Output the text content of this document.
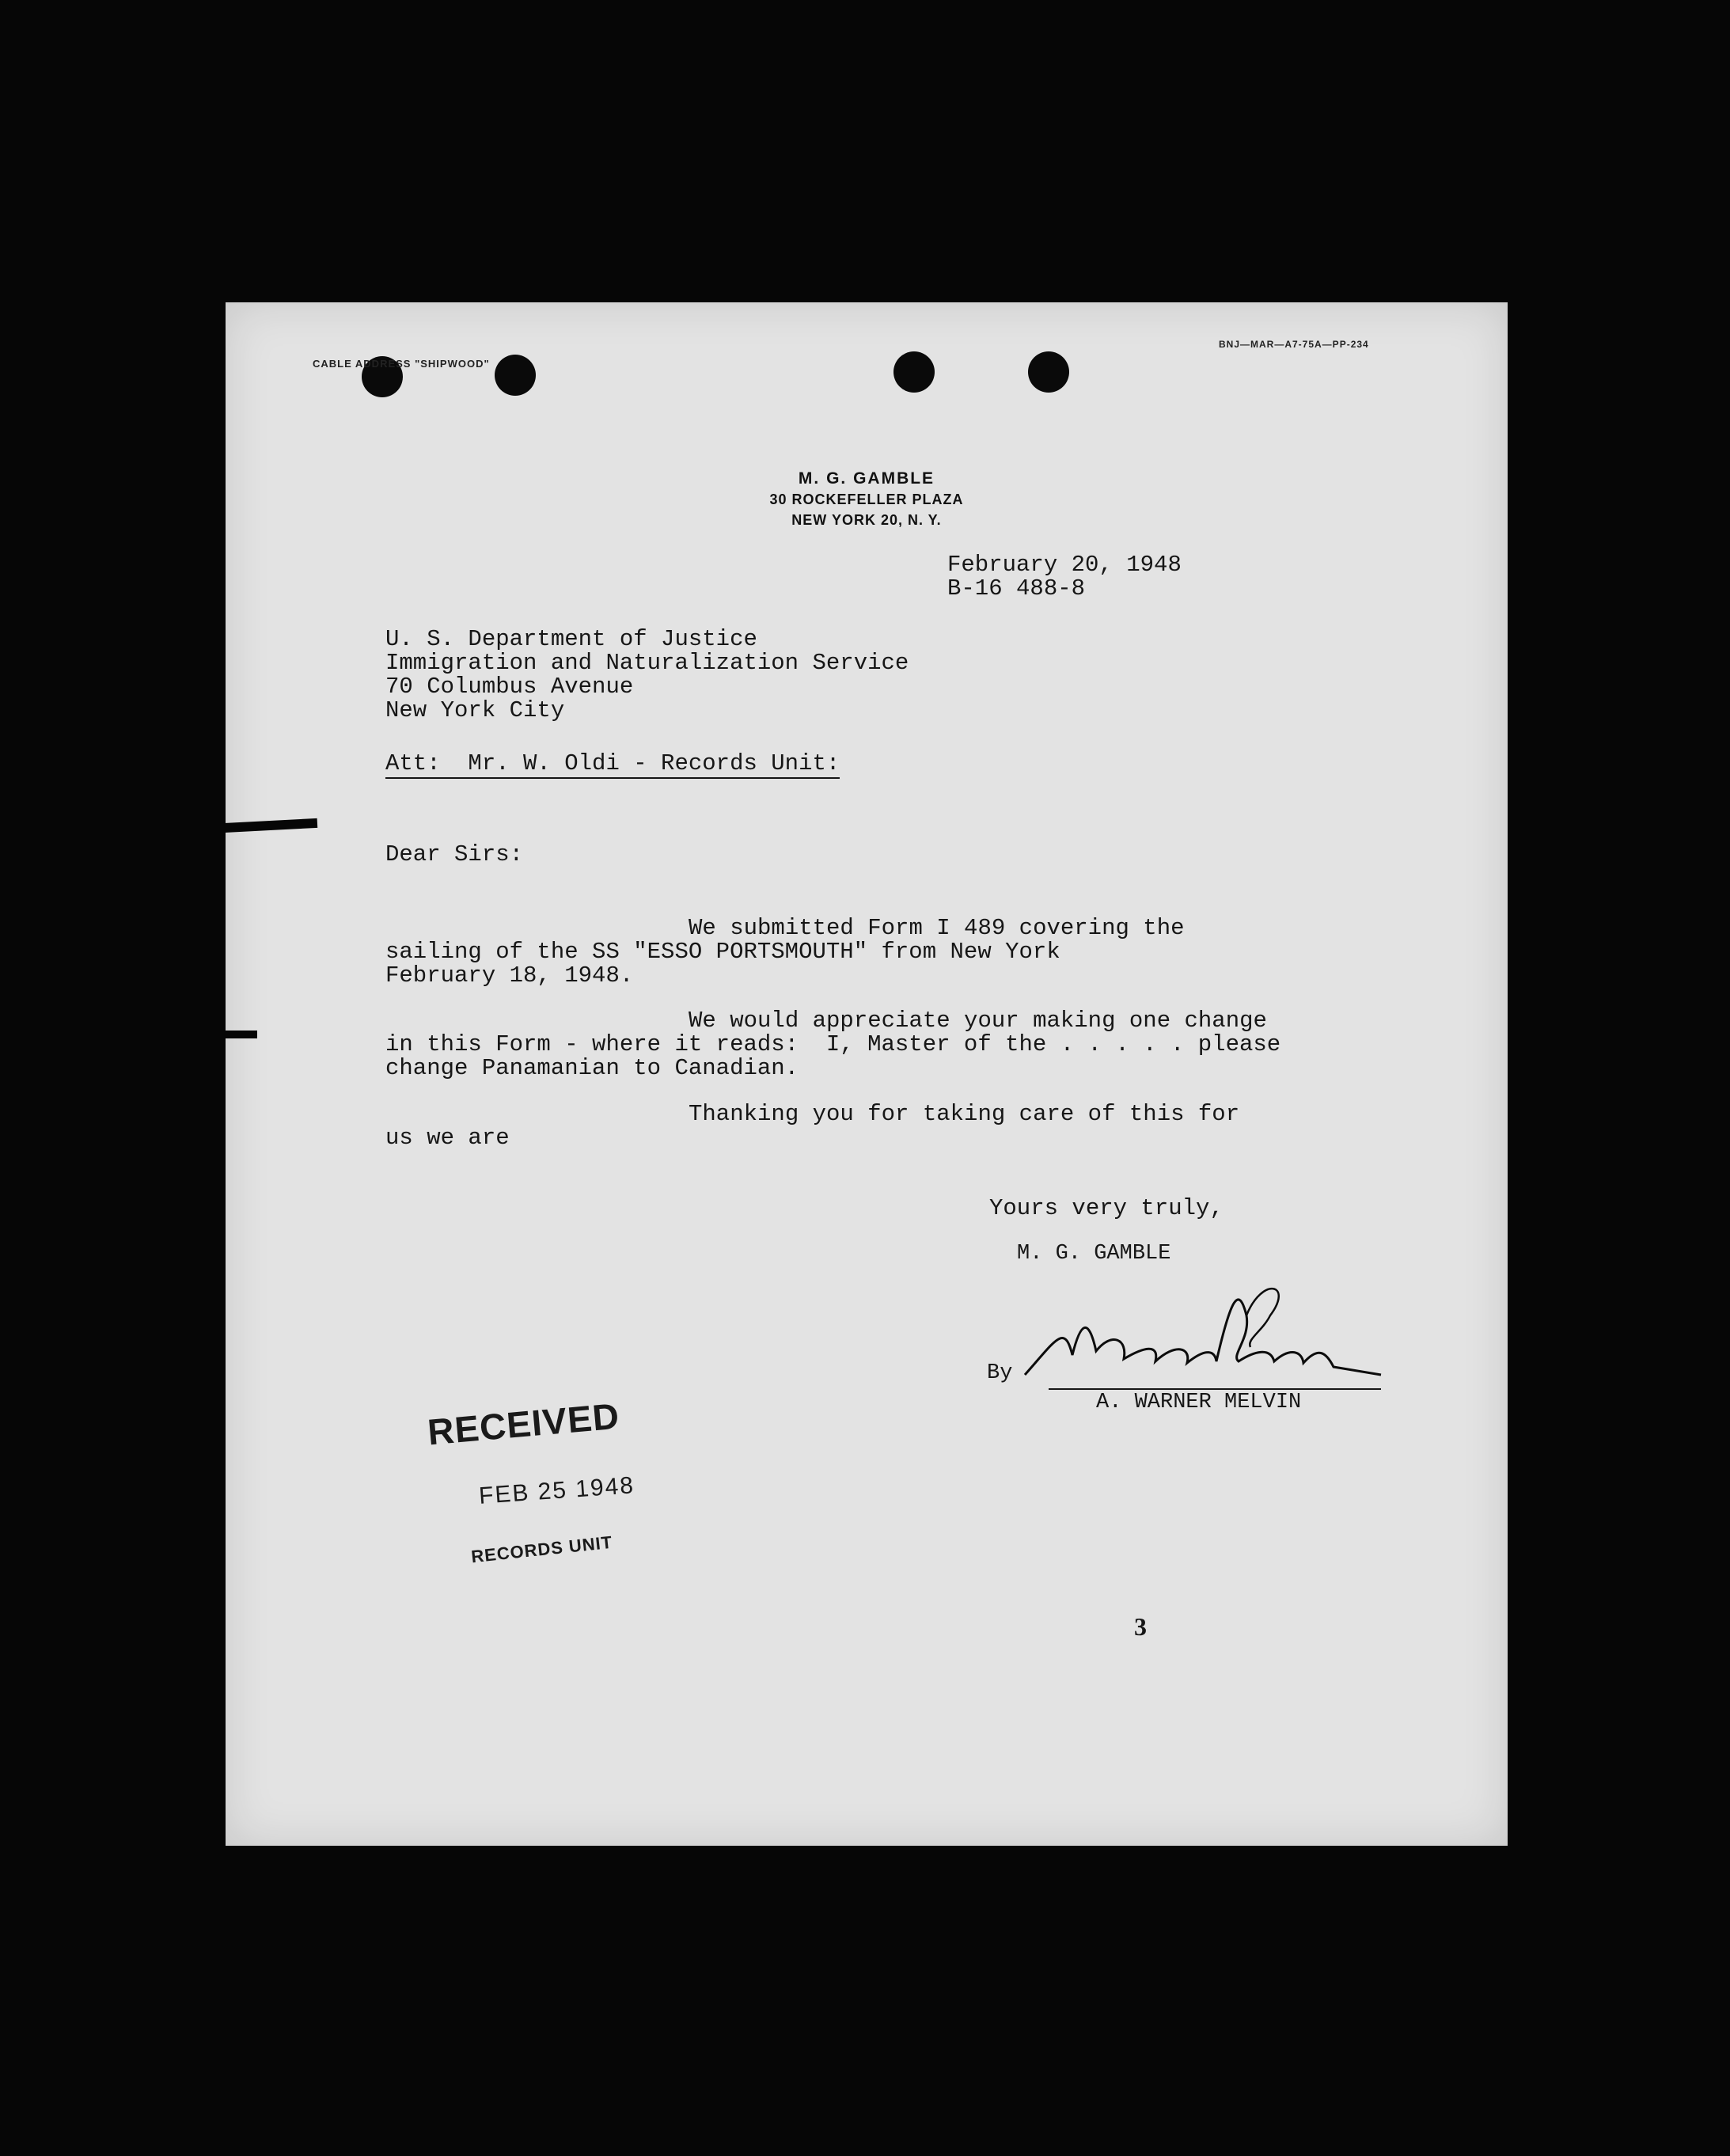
CABLE ADDRESS "SHIPWOOD"
BNJ—MAR—A7-75A—PP-234
M. G. GAMBLE
30 ROCKEFELLER PLAZA
NEW YORK 20, N. Y.
February 20, 1948
B-16 488-8
U. S. Department of Justice
Immigration and Naturalization Service
70 Columbus Avenue
New York City
Att:  Mr. W. Oldi - Records Unit:
Dear Sirs:
We submitted Form I 489 covering the
sailing of the SS "ESSO PORTSMOUTH" from New York
February 18, 1948.
We would appreciate your making one change
in this Form - where it reads:  I, Master of the . . . . . please
change Panamanian to Canadian.
Thanking you for taking care of this for
us we are
Yours very truly,
M. G. GAMBLE
By
A. WARNER MELVIN
RECEIVED
FEB 25 1948
RECORDS UNIT
3
